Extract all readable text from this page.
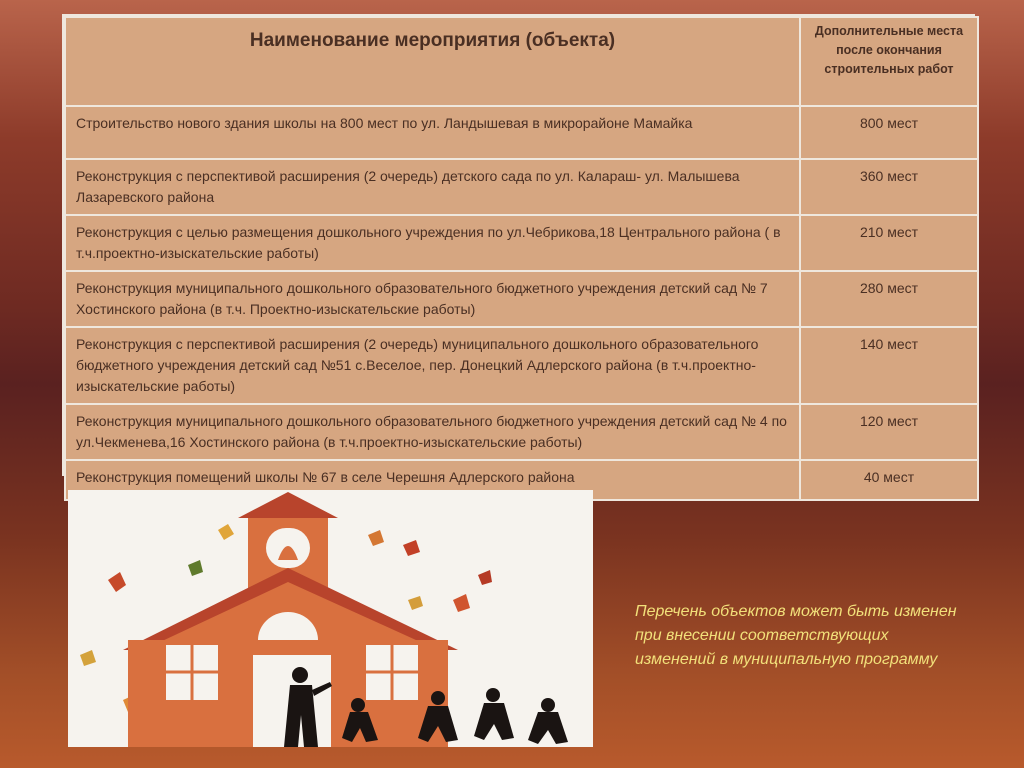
Наименование мероприятия (объекта)	Дополнительные места после окончания строительных работ
Строительство нового здания школы на 800 мест по ул. Ландышевая в микрорайоне Мамайка	800 мест
Реконструкция с перспективой расширения (2 очередь) детского сада по ул. Калараш- ул. Малышева Лазаревского района	360 мест
Реконструкция с целью размещения дошкольного учреждения по ул.Чебрикова,18 Центрального района ( в т.ч.проектно-изыскательские работы)	210 мест
Реконструкция муниципального дошкольного образовательного бюджетного учреждения детский сад № 7 Хостинского района (в т.ч. Проектно-изыскательские работы)	280 мест
Реконструкция с перспективой расширения (2 очередь) муниципального дошкольного образовательного бюджетного учреждения детский сад №51 с.Веселое, пер. Донецкий Адлерского района (в т.ч.проектно-изыскательские работы)	140 мест
Реконструкция муниципального дошкольного образовательного бюджетного учреждения детский сад № 4 по ул.Чекменева,16 Хостинского района (в т.ч.проектно-изыскательские работы)	120 мест
Реконструкция помещений школы № 67 в селе Черешня Адлерского района	40 мест
Перечень объектов может быть изменен при внесении соответствующих изменений в муниципальную программу
